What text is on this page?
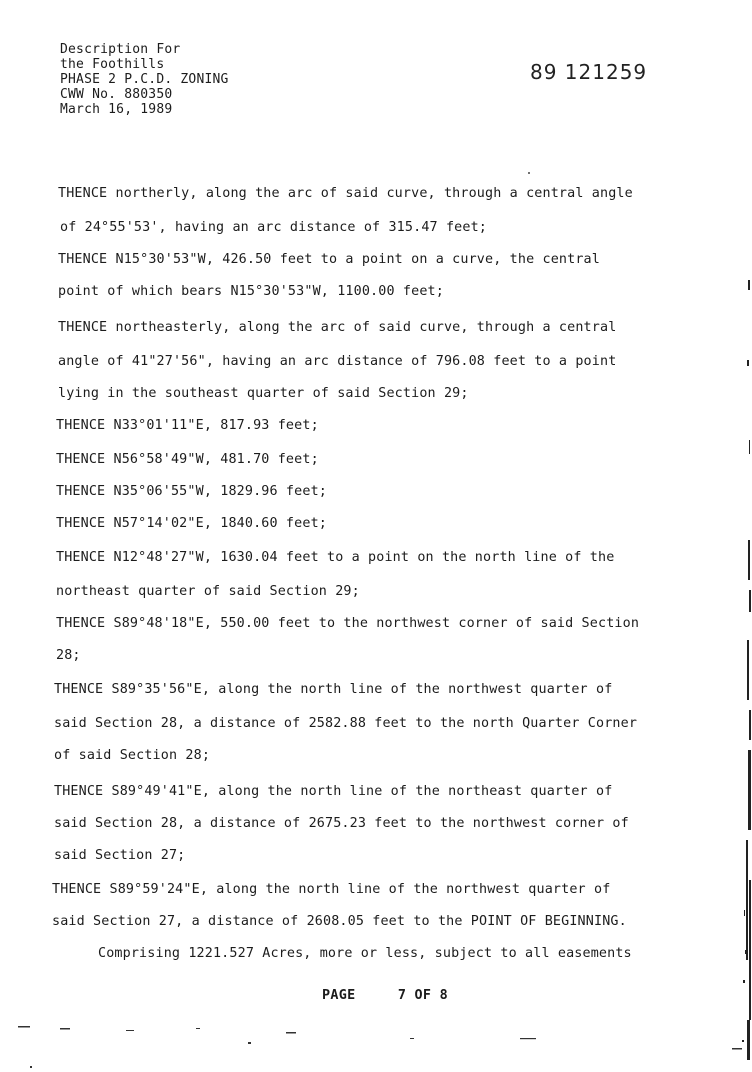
Description For
the Foothills
PHASE 2 P.C.D. ZONING
CWW No. 880350
March 16, 1989
89 121259
THENCE northerly, along the arc of said curve, through a central angle
of 24°55'53', having an arc distance of 315.47 feet;
THENCE N15°30'53"W, 426.50 feet to a point on a curve, the central
point of which bears N15°30'53"W, 1100.00 feet;
THENCE northeasterly, along the arc of said curve, through a central
angle of 41"27'56", having an arc distance of 796.08 feet to a point
lying in the southeast quarter of said Section 29;
THENCE N33°01'11"E, 817.93 feet;
THENCE N56°58'49"W, 481.70 feet;
THENCE N35°06'55"W, 1829.96 feet;
THENCE N57°14'02"E, 1840.60 feet;
THENCE N12°48'27"W, 1630.04 feet to a point on the north line of the
northeast quarter of said Section 29;
THENCE S89°48'18"E, 550.00 feet to the northwest corner of said Section
28;
THENCE S89°35'56"E, along the north line of the northwest quarter of
said Section 28, a distance of 2582.88 feet to the north Quarter Corner
of said Section 28;
THENCE S89°49'41"E, along the north line of the northeast quarter of
said Section 28, a distance of 2675.23 feet to the northwest corner of
said Section 27;
THENCE S89°59'24"E, along the north line of the northwest quarter of
said Section 27, a distance of 2608.05 feet to the POINT OF BEGINNING.
Comprising 1221.527 Acres, more or less, subject to all easements
PAGE	7 OF 8
